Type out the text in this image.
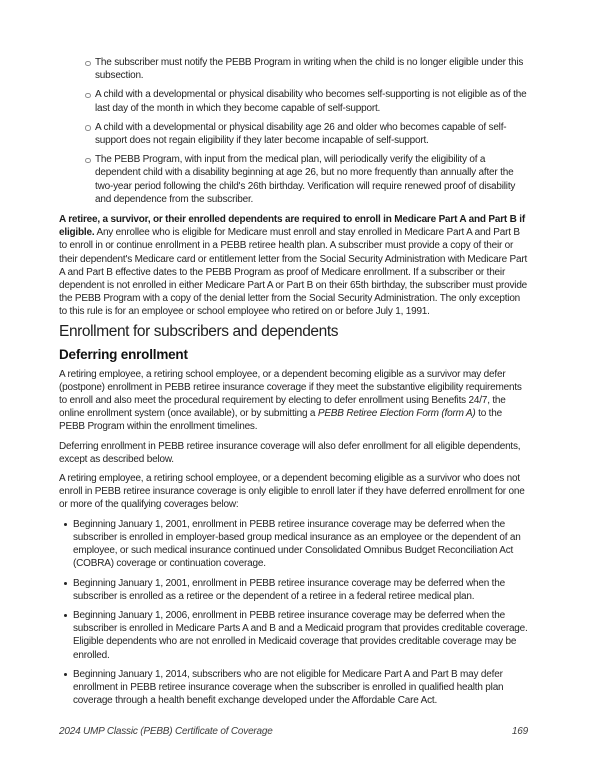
The subscriber must notify the PEBB Program in writing when the child is no longer eligible under this subsection.
A child with a developmental or physical disability who becomes self-supporting is not eligible as of the last day of the month in which they become capable of self-support.
A child with a developmental or physical disability age 26 and older who becomes capable of self-support does not regain eligibility if they later become incapable of self-support.
The PEBB Program, with input from the medical plan, will periodically verify the eligibility of a dependent child with a disability beginning at age 26, but no more frequently than annually after the two-year period following the child's 26th birthday. Verification will require renewed proof of disability and dependence from the subscriber.

A retiree, a survivor, or their enrolled dependents are required to enroll in Medicare Part A and Part B if eligible. Any enrollee who is eligible for Medicare must enroll and stay enrolled in Medicare Part A and Part B to enroll in or continue enrollment in a PEBB retiree health plan. A subscriber must provide a copy of their or their dependent's Medicare card or entitlement letter from the Social Security Administration with Medicare Part A and Part B effective dates to the PEBB Program as proof of Medicare enrollment. If a subscriber or their dependent is not enrolled in either Medicare Part A or Part B on their 65th birthday, the subscriber must provide the PEBB Program with a copy of the denial letter from the Social Security Administration. The only exception to this rule is for an employee or school employee who retired on or before July 1, 1991.

Enrollment for subscribers and dependents
Deferring enrollment

A retiring employee, a retiring school employee, or a dependent becoming eligible as a survivor may defer (postpone) enrollment in PEBB retiree insurance coverage if they meet the substantive eligibility requirements to enroll and also meet the procedural requirement by electing to defer enrollment using Benefits 24/7, the online enrollment system (once available), or by submitting a PEBB Retiree Election Form (form A) to the PEBB Program within the enrollment timelines.

Deferring enrollment in PEBB retiree insurance coverage will also defer enrollment for all eligible dependents, except as described below.

A retiring employee, a retiring school employee, or a dependent becoming eligible as a survivor who does not enroll in PEBB retiree insurance coverage is only eligible to enroll later if they have deferred enrollment for one or more of the qualifying coverages below:

Beginning January 1, 2001, enrollment in PEBB retiree insurance coverage may be deferred when the subscriber is enrolled in employer-based group medical insurance as an employee or the dependent of an employee, or such medical insurance continued under Consolidated Omnibus Budget Reconciliation Act (COBRA) coverage or continuation coverage.
Beginning January 1, 2001, enrollment in PEBB retiree insurance coverage may be deferred when the subscriber is enrolled as a retiree or the dependent of a retiree in a federal retiree medical plan.
Beginning January 1, 2006, enrollment in PEBB retiree insurance coverage may be deferred when the subscriber is enrolled in Medicare Parts A and B and a Medicaid program that provides creditable coverage. Eligible dependents who are not enrolled in Medicaid coverage that provides creditable coverage may be enrolled.
Beginning January 1, 2014, subscribers who are not eligible for Medicare Part A and Part B may defer enrollment in PEBB retiree insurance coverage when the subscriber is enrolled in qualified health plan coverage through a health benefit exchange developed under the Affordable Care Act.
2024 UMP Classic (PEBB) Certificate of Coverage	169
